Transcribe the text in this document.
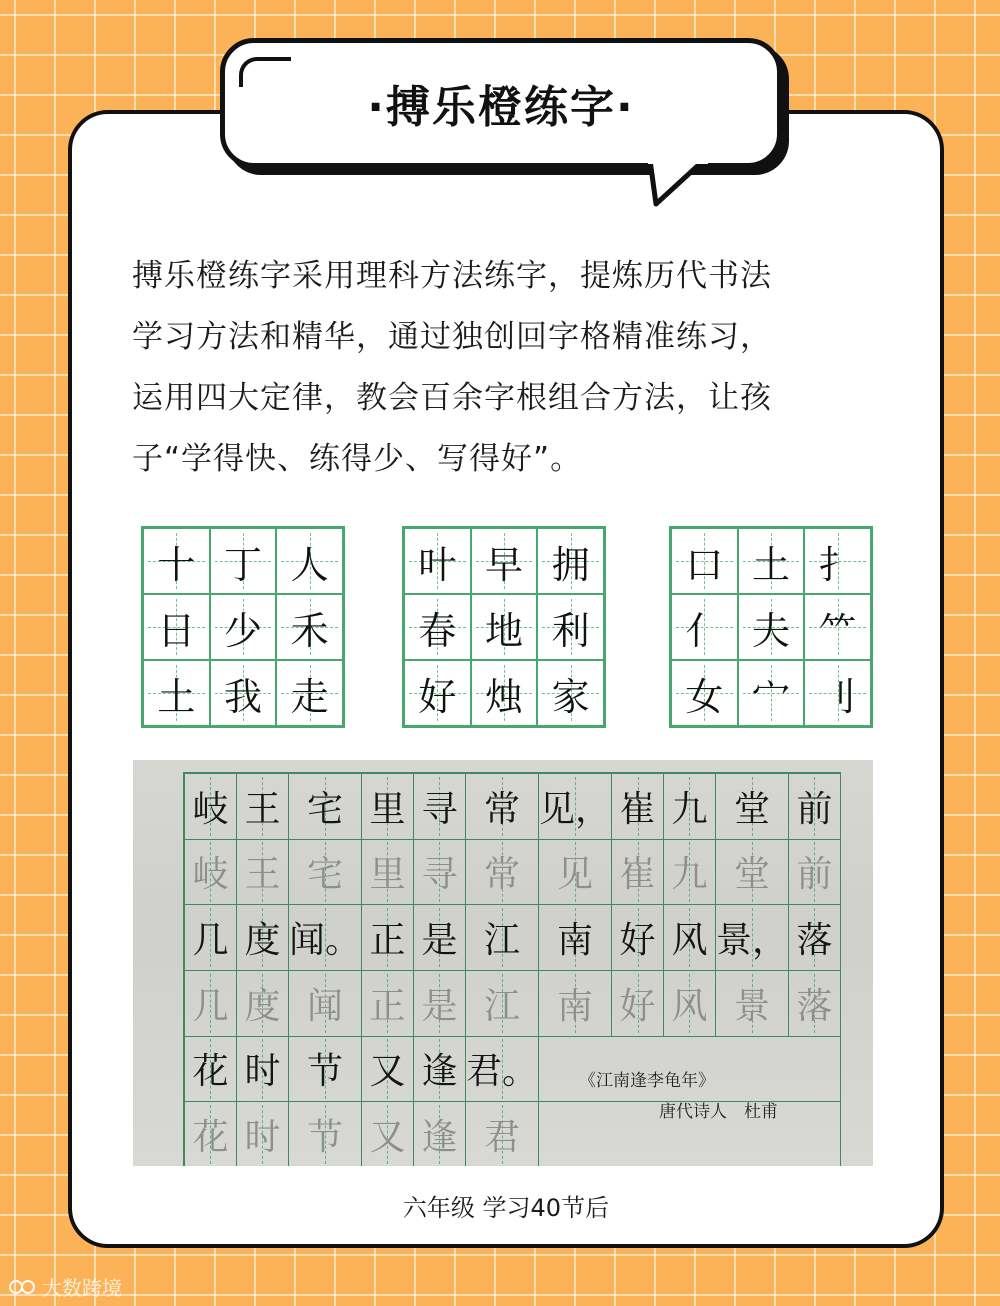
·搏乐橙练字·
搏乐橙练字采用理科方法练字，提炼历代书法
学习方法和精华，通过独创回字格精准练习，
运用四大定律，教会百余字根组合方法，让孩
子“学得快、练得少、写得好”。
十 丁 人
日 少 禾
土 我 走
叶 早 拥
春 地 利
好 烛 家
口 土 扌
亻 夫 ⺮
女 宀 刂
岐 王 宅 里 寻 常 见， 崔 九 堂 前
岐 王 宅 里 寻 常 见 崔 九 堂 前
几 度 闻。 正 是 江 南 好 风 景， 落
几 度 闻 正 是 江 南 好 风 景 落
花 时 节 又 逢 君。
花 时 节 又 逢 君
《江南逢李龟年》
唐代诗人　杜甫
六年级 学习40节后
大数跨境
